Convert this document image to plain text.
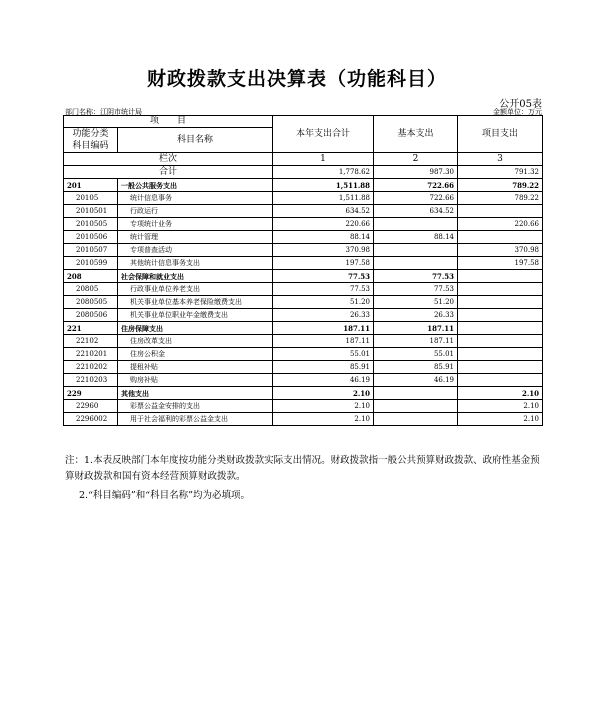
财政拨款支出决算表（功能科目）
公开05表
部门名称：江阴市统计局	金额单位：万元
项　　目		本年支出合计	基本支出	项目支出
功能分类
科目编码	科目名称			

栏次		1	2	3
合计		1,778.62	987.30	791.32
201	一般公共服务支出	1,511.88	722.66	789.22
20105	统计信息事务	1,511.88	722.66	789.22
2010501	行政运行	634.52	634.52	
2010505	专项统计业务	220.66		220.66
2010506	统计管理	88.14	88.14	
2010507	专项普查活动	370.98		370.98
2010599	其他统计信息事务支出	197.58		197.58
208	社会保障和就业支出	77.53	77.53	
20805	行政事业单位养老支出	77.53	77.53	
2080505	机关事业单位基本养老保险缴费支出	51.20	51.20	
2080506	机关事业单位职业年金缴费支出	26.33	26.33	
221	住房保障支出	187.11	187.11	
22102	住房改革支出	187.11	187.11	
2210201	住房公积金	55.01	55.01	
2210202	提租补贴	85.91	85.91	
2210203	购房补贴	46.19	46.19	
229	其他支出	2.10		2.10
22960	彩票公益金安排的支出	2.10		2.10
2296002	用于社会福利的彩票公益金支出	2.10		2.10
注：1.本表反映部门本年度按功能分类财政拨款实际支出情况。财政拨款指一般公共预算财政拨款、政府性基金预算财政拨款和国有资本经营预算财政拨款。
2.“科目编码”和“科目名称”均为必填项。
